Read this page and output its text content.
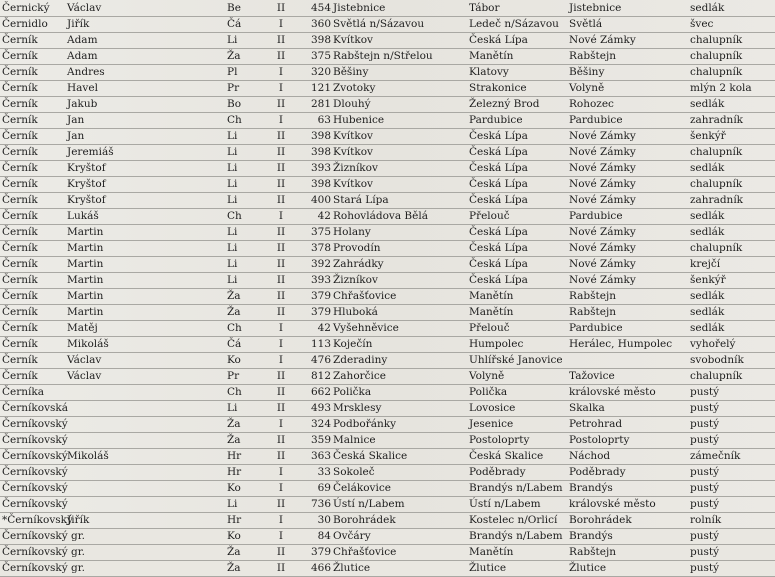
Černický	Václav	Be	II	454	Jistebnice	Tábor	Jistebnice	sedlák
Černidlo	Jiřík	Čá	I	360	Světlá n/Sázavou	Ledeč n/Sázavou	Světlá	švec
Černík	Adam	Li	II	398	Kvítkov	Česká Lípa	Nové Zámky	chalupník
Černík	Adam	Ža	II	375	Rabštejn n/Střelou	Manětín	Rabštejn	chalupník
Černík	Andres	Pl	I	320	Běšiny	Klatovy	Běšiny	chalupník
Černík	Havel	Pr	I	121	Zvotoky	Strakonice	Volyně	mlýn 2 kola
Černík	Jakub	Bo	II	281	Dlouhý	Železný Brod	Rohozec	sedlák
Černík	Jan	Ch	I	63	Hubenice	Pardubice	Pardubice	zahradník
Černík	Jan	Li	II	398	Kvítkov	Česká Lípa	Nové Zámky	šenkýř
Černík	Jeremiáš	Li	II	398	Kvítkov	Česká Lípa	Nové Zámky	chalupník
Černík	Kryštof	Li	II	393	Žizníkov	Česká Lípa	Nové Zámky	sedlák
Černík	Kryštof	Li	II	398	Kvítkov	Česká Lípa	Nové Zámky	chalupník
Černík	Kryštof	Li	II	400	Stará Lípa	Česká Lípa	Nové Zámky	zahradník
Černík	Lukáš	Ch	I	42	Rohovládova Bělá	Přelouč	Pardubice	sedlák
Černík	Martin	Li	II	375	Holany	Česká Lípa	Nové Zámky	sedlák
Černík	Martin	Li	II	378	Provodín	Česká Lípa	Nové Zámky	chalupník
Černík	Martin	Li	II	392	Zahrádky	Česká Lípa	Nové Zámky	krejčí
Černík	Martin	Li	II	393	Žizníkov	Česká Lípa	Nové Zámky	šenkýř
Černík	Martin	Ža	II	379	Chřašťovice	Manětín	Rabštejn	sedlák
Černík	Martin	Ža	II	379	Hluboká	Manětín	Rabštejn	sedlák
Černík	Matěj	Ch	I	42	Vyšehněvice	Přelouč	Pardubice	sedlák
Černík	Mikoláš	Čá	I	113	Koječín	Humpolec	Herálec, Humpolec	vyhořelý
Černík	Václav	Ko	I	476	Zderadiny	Uhlířské Janovice		svobodník
Černík	Václav	Pr	II	812	Zahorčice	Volyně	Tažovice	chalupník
Černíka		Ch	II	662	Polička	Polička	královské město	pustý
Černíkovská		Li	II	493	Mrsklesy	Lovosice	Skalka	pustý
Černíkovský		Ža	I	324	Podbořánky	Jesenice	Petrohrad	pustý
Černíkovský		Ža	II	359	Malnice	Postoloprty	Postoloprty	pustý
Černíkovský	Mikoláš	Hr	II	363	Česká Skalice	Česká Skalice	Náchod	zámečník
Černíkovský		Hr	I	33	Sokoleč	Poděbrady	Poděbrady	pustý
Černíkovský		Ko	I	69	Čelákovice	Brandýs n/Labem	Brandýs	pustý
Černíkovský		Li	II	736	Ústí n/Labem	Ústí n/Labem	královské město	pustý
*Černíkovský	Jiřík	Hr	I	30	Borohrádek	Kostelec n/Orlicí	Borohrádek	rolník
Černíkovský gr.		Ko	I	84	Ovčáry	Brandýs n/Labem	Brandýs	pustý
Černíkovský gr.		Ža	II	379	Chřašťovice	Manětín	Rabštejn	pustý
Černíkovský gr.		Ža	II	466	Žlutice	Žlutice	Žlutice	pustý
